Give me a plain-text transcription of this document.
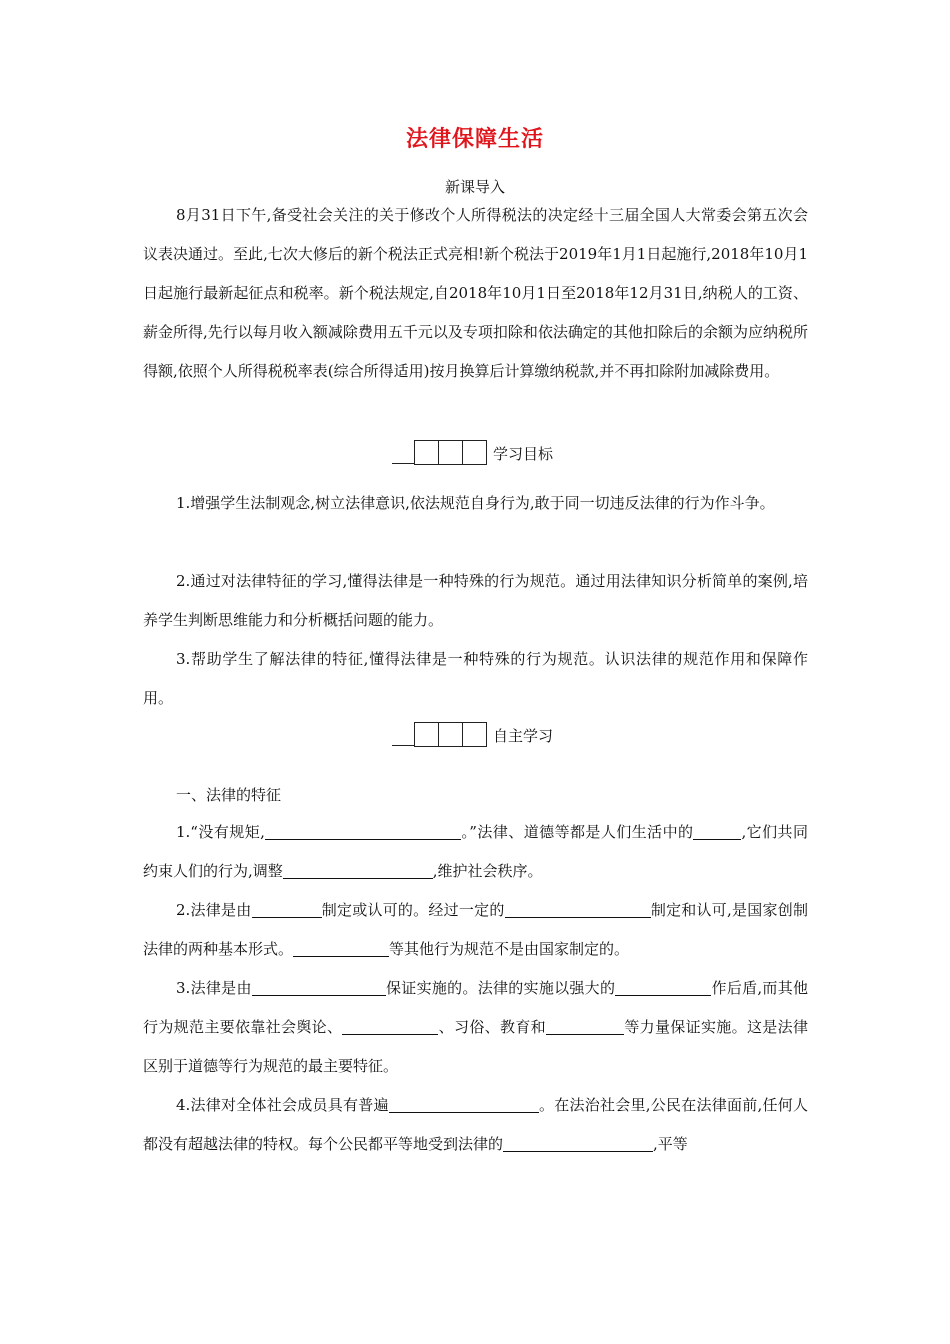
法律保障生活
新课导入

8月31日下午,备受社会关注的关于修改个人所得税法的决定经十三届全国人大常委会第五次会议表决通过。至此,七次大修后的新个税法正式亮相!新个税法于2019年1月1日起施行,2018年10月1日起施行最新起征点和税率。新个税法规定,自2018年10月1日至2018年12月31日,纳税人的工资、薪金所得,先行以每月收入额减除费用五千元以及专项扣除和依法确定的其他扣除后的余额为应纳税所得额,依照个人所得税税率表(综合所得适用)按月换算后计算缴纳税款,并不再扣除附加减除费用。

学习目标

1.增强学生法制观念,树立法律意识,依法规范自身行为,敢于同一切违反法律的行为作斗争。

2.通过对法律特征的学习,懂得法律是一种特殊的行为规范。通过用法律知识分析简单的案例,培养学生判断思维能力和分析概括问题的能力。

3.帮助学生了解法律的特征,懂得法律是一种特殊的行为规范。认识法律的规范作用和保障作用。

自主学习

一、法律的特征

1.“没有规矩,	。”法律、道德等都是人们生活中的	,它们共同约束人们的行为,调整	,维护社会秩序。

2.法律是由	制定或认可的。经过一定的	制定和认可,是国家创制法律的两种基本形式。	等其他行为规范不是由国家制定的。

3.法律是由	保证实施的。法律的实施以强大的	作后盾,而其他行为规范主要依靠社会舆论、	、习俗、教育和	等力量保证实施。这是法律区别于道德等行为规范的最主要特征。

4.法律对全体社会成员具有普遍	。在法治社会里,公民在法律面前,任何人都没有超越法律的特权。每个公民都平等地受到法律的	,平等
